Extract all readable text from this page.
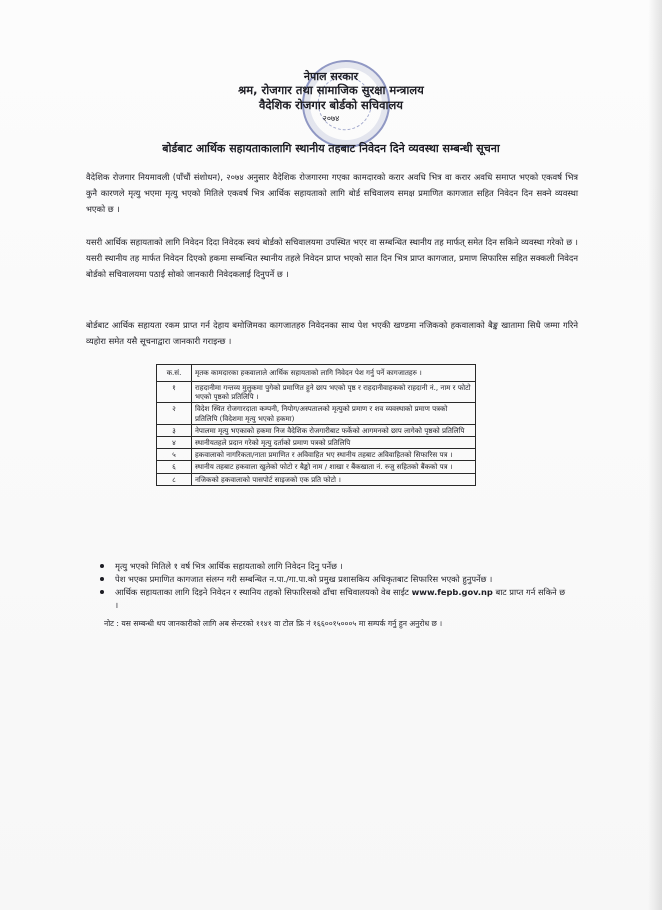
नेपाल सरकार
श्रम, रोजगार तथा सामाजिक सुरक्षा मन्त्रालय
वैदेशिक रोजगार बोर्डको सचिवालय
२०७४
बोर्डबाट आर्थिक सहायताकालागि स्थानीय तहबाट निवेदन दिने व्यवस्था सम्बन्धी सूचना

वैदेशिक रोजगार नियमावली (पाँचौं संशोधन), २०७४ अनुसार वैदेशिक रोजगारमा गएका कामदारको करार अवधि भित्र वा करार अवधि समाप्त भएको एकवर्ष भित्र कुनै कारणले मृत्यु भएमा मृत्यु भएको मितिले एकवर्ष भित्र आर्थिक सहायताको लागि बोर्ड सचिवालय समक्ष प्रमाणित कागजात सहित निवेदन दिन सक्ने व्यवस्था भएको छ ।

यसरी आर्थिक सहायताको लागि निवेदन दिदा निवेदक स्वयं बोर्डको सचिवालयमा उपस्थित भएर वा सम्बन्धित स्थानीय तह मार्फत् समेत दिन सकिने व्यवस्था गरेको छ । यसरी स्थानीय तह मार्फत निवेदन दिएको हकमा सम्बन्धित स्थानीय तहले निवेदन प्राप्त भएको सात दिन भित्र प्राप्त कागजात, प्रमाण सिफारिस सहित सक्कली निवेदन बोर्डको सचिवालयमा पठाई सोको जानकारी निवेदकलाई दिनुपर्ने छ ।

बोर्डबाट आर्थिक सहायता रकम प्राप्त गर्न देहाय बमोजिमका कागजातहरु निवेदनका साथ पेश भएकी खण्डमा नजिकको हकवालाको बैङ्क खातामा सिधै जम्मा गरिने व्यहोरा समेत यसै सूचनाद्वारा जानकारी गराइन्छ ।

क.सं.	मृतक कामदारका हकवालाले आर्थिक सहायताको लागि निवेदन पेश गर्नु पर्ने कागजातहरु ।
१	राहदानीमा गन्तव्य मुलुकमा पुगेको प्रमाणित हुने छाप भएको पृष्ठ र राहदानीवाहकको राहदानी नं., नाम र फोटो भएको पृष्ठको प्रतिलिपि ।
२	विदेश स्थित रोजगारदाता कम्पनी, नियोग/अस्पतालको मृत्युको प्रमाण र शव व्यवस्थाको प्रमाण पत्रको प्रतिलिपि (विदेशमा मृत्यु भएको हकमा)
३	नेपालमा मृत्यु भएकाको हकमा निज वैदेशिक रोजगारीबाट फर्केको आगमनको छाप लागेको पृष्ठको प्रतिलिपि
४	स्थानीयतहले प्रदान गरेको मृत्यु दर्ताको प्रमाण पत्रको प्रतिलिपि
५	हकवालाको नागरिकता/नाता प्रमाणित र अविवाहित भए स्थानीय तहबाट अविवाहितको सिफारिस पत्र ।
६	स्थानीय तहबाट हकवाला खुलेको फोटो र बैङ्को नाम / शाखा र बैंकखाता नं. रुजु सहितको बैंकको पत्र ।
८	नजिकको हकवालाको पासपोर्ट साइजको एक प्रति फोटो ।
मृत्यु भएको मितिले १ वर्ष भित्र आर्थिक सहायताको लागि निवेदन दिनु पर्नेछ ।
पेश भएका प्रमाणित कागजात संलग्न गरी सम्बन्धित न.पा./गा.पा.को प्रमुख प्रशासकिय अधिकृतबाट सिफारिस भएको हुनुपर्नेछ ।
आर्थिक सहायताका लागि दिइने निवेदन र स्थानिय तहको सिफारिसको ढाँचा सचिवालयको वेब साईट www.fepb.gov.np बाट प्राप्त गर्न सकिने छ ।
नोट : यस सम्बन्धी थप जानकारीको लागि अब सेन्टरको ११४१ वा टोल फ्रि नं १६६००१५०००५ मा सम्पर्क गर्नु हुन अनुरोध छ ।
